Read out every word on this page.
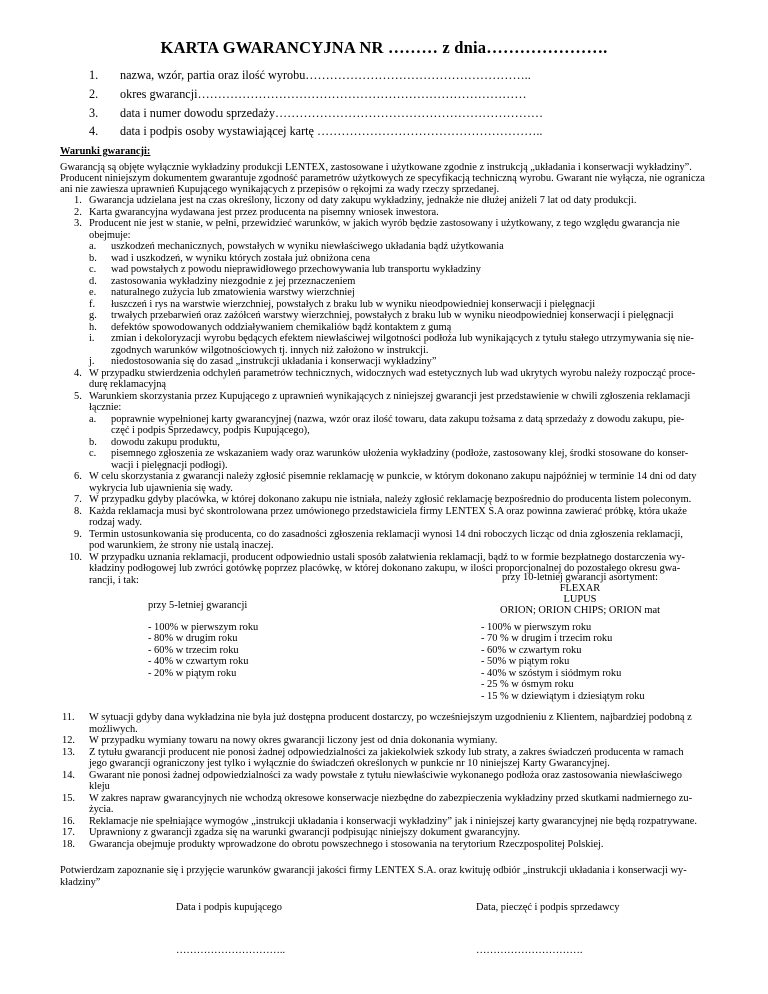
KARTA GWARANCYJNA NR ……… z dnia………………….
1. nazwa, wzór, partia oraz ilość wyrobu………………………………………………..
2. okres gwarancji………………………………………………………………………
3. data i numer dowodu sprzedaży…………………………………………………………
4. data i podpis osoby wystawiającej kartę ………………………………………………..
Warunki gwarancji:
Gwarancją są objęte wyłącznie wykładziny produkcji LENTEX, zastosowane i użytkowane zgodnie z instrukcją „układania i konserwacji wykładziny”.
Producent niniejszym dokumentem gwarantuje zgodność parametrów użytkowych ze specyfikacją techniczną wyrobu. Gwarant nie wyłącza, nie ogranicza
ani nie zawiesza uprawnień Kupującego wynikających z przepisów o rękojmi za wady rzeczy sprzedanej.
1. Gwarancja udzielana jest na czas określony, liczony od daty zakupu wykładziny, jednakże nie dłużej aniżeli 7 lat od daty produkcji.
2. Karta gwarancyjna wydawana jest przez producenta na pisemny wniosek inwestora.
3. Producent nie jest w stanie, w pełni, przewidzieć warunków, w jakich wyrób będzie zastosowany i użytkowany, z tego względu gwarancja nie
obejmuje:
a. uszkodzeń mechanicznych, powstałych w wyniku niewłaściwego układania bądź użytkowania
b. wad i uszkodzeń, w wyniku których została już obniżona cena
c. wad powstałych z powodu nieprawidłowego przechowywania lub transportu wykładziny
d. zastosowania wykładziny niezgodnie z jej przeznaczeniem
e. naturalnego zużycia lub zmatowienia warstwy wierzchniej
f. łuszczeń i rys na warstwie wierzchniej, powstałych z braku lub w wyniku nieodpowiedniej konserwacji i pielęgnacji
g. trwałych przebarwień oraz zażółceń warstwy wierzchniej, powstałych z braku lub w wyniku nieodpowiedniej konserwacji i pielęgnacji
h. defektów spowodowanych oddziaływaniem chemikaliów bądź kontaktem z gumą
i. zmian i dekoloryzacji wyrobu będących efektem niewłaściwej wilgotności podłoża lub wynikających z tytułu stałego utrzymywania się nie-
zgodnych warunków wilgotnościowych tj. innych niż założono w instrukcji.
j. niedostosowania się do zasad „instrukcji układania i konserwacji wykładziny”
4. W przypadku stwierdzenia odchyleń parametrów technicznych, widocznych wad estetycznych lub wad ukrytych wyrobu należy rozpocząć proce-
durę reklamacyjną
5. Warunkiem skorzystania przez Kupującego z uprawnień wynikających z niniejszej gwarancji jest przedstawienie w chwili zgłoszenia reklamacji
łącznie:
a. poprawnie wypełnionej karty gwarancyjnej (nazwa, wzór oraz ilość towaru, data zakupu tożsama z datą sprzedaży z dowodu zakupu, pie-
częć i podpis Sprzedawcy, podpis Kupującego),
b. dowodu zakupu produktu,
c. pisemnego zgłoszenia ze wskazaniem wady oraz warunków ułożenia wykładziny (podłoże, zastosowany klej, środki stosowane do konser-
wacji i pielęgnacji podłogi).
6. W celu skorzystania z gwarancji należy zgłosić pisemnie reklamację w punkcie, w którym dokonano zakupu najpóźniej w terminie 14 dni od daty
wykrycia lub ujawnienia się wady.
7. W przypadku gdyby placówka, w której dokonano zakupu nie istniała, należy zgłosić reklamację bezpośrednio do producenta listem poleconym.
8. Każda reklamacja musi być skontrolowana przez umówionego przedstawiciela firmy LENTEX S.A oraz powinna zawierać próbkę, która ukaże
rodzaj wady.
9. Termin ustosunkowania się producenta, co do zasadności zgłoszenia reklamacji wynosi 14 dni roboczych licząc od dnia zgłoszenia reklamacji,
pod warunkiem, że strony nie ustalą inaczej.
10. W przypadku uznania reklamacji, producent odpowiednio ustali sposób załatwienia reklamacji, bądź to w formie bezpłatnego dostarczenia wy-
kładziny podłogowej lub zwróci gotówkę poprzez placówkę, w której dokonano zakupu, w ilości proporcjonalnej do pozostałego okresu gwa-
rancji, i tak:
przy 5-letniej gwarancji
przy 10-letniej gwarancji asortyment:
FLEXAR
LUPUS
ORION; ORION CHIPS; ORION mat
- 100% w pierwszym roku
- 80% w drugim roku
- 60% w trzecim roku
- 40% w czwartym roku
- 20% w piątym roku
- 100% w pierwszym roku
- 70 % w drugim i trzecim roku
- 60% w czwartym roku
- 50% w piątym roku
- 40% w szóstym i siódmym roku
- 25 % w ósmym roku
- 15 % w dziewiątym i dziesiątym roku
11. W sytuacji gdyby dana wykładzina nie była już dostępna producent dostarczy, po wcześniejszym uzgodnieniu z Klientem, najbardziej podobną z
możliwych.
12. W przypadku wymiany towaru na nowy okres gwarancji liczony jest od dnia dokonania wymiany.
13. Z tytułu gwarancji producent nie ponosi żadnej odpowiedzialności za jakiekolwiek szkody lub straty, a zakres świadczeń producenta w ramach
jego gwarancji ograniczony jest tylko i wyłącznie do świadczeń określonych w punkcie nr 10 niniejszej Karty Gwarancyjnej.
14. Gwarant nie ponosi żadnej odpowiedzialności za wady powstałe z tytułu niewłaściwie wykonanego podłoża oraz zastosowania niewłaściwego
kleju
15. W zakres napraw gwarancyjnych nie wchodzą okresowe konserwacje niezbędne do zabezpieczenia wykładziny przed skutkami nadmiernego zu-
życia.
16. Reklamacje nie spełniające wymogów „instrukcji układania i konserwacji wykładziny” jak i niniejszej karty gwarancyjnej nie będą rozpatrywane.
17. Uprawniony z gwarancji zgadza się na warunki gwarancji podpisując niniejszy dokument gwarancyjny.
18. Gwarancja obejmuje produkty wprowadzone do obrotu powszechnego i stosowania na terytorium Rzeczpospolitej Polskiej.
Potwierdzam zapoznanie się i przyjęcie warunków gwarancji jakości firmy LENTEX S.A. oraz kwituję odbiór „instrukcji układania i konserwacji wy-
kładziny”
Data i podpis kupującego	Data, pieczęć i podpis sprzedawcy
…………………………..	………………………….
